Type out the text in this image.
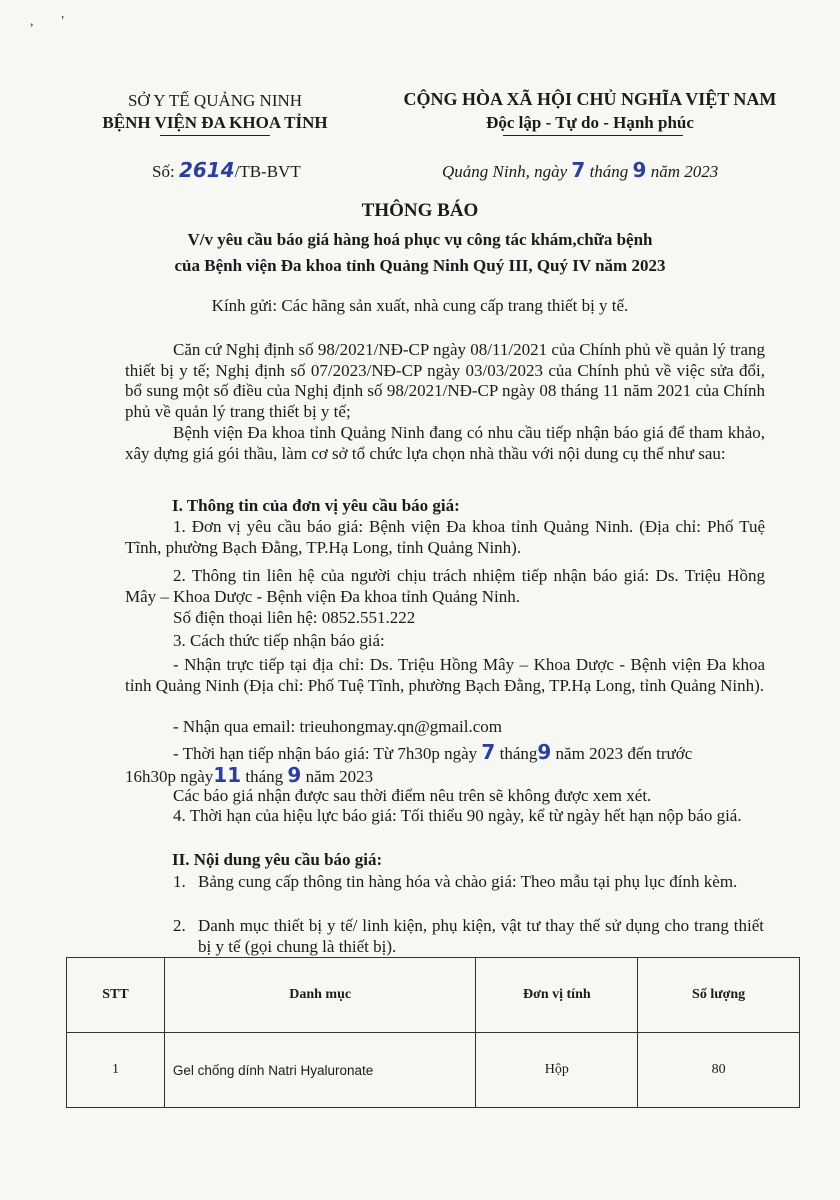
,        '
SỞ Y TẾ QUẢNG NINH
BỆNH VIỆN ĐA KHOA TỈNH
CỘNG HÒA XÃ HỘI CHỦ NGHĨA VIỆT NAM
Độc lập - Tự do - Hạnh phúc
Số: 2614/TB-BVT	Quảng Ninh, ngày 7 tháng 9 năm 2023
THÔNG BÁO
V/v yêu cầu báo giá hàng hoá phục vụ công tác khám,chữa bệnh
của Bệnh viện Đa khoa tỉnh Quảng Ninh Quý III, Quý IV năm 2023
Kính gửi: Các hãng sản xuất, nhà cung cấp trang thiết bị y tế.
Căn cứ Nghị định số 98/2021/NĐ-CP ngày 08/11/2021 của Chính phủ về quản lý trang thiết bị y tế; Nghị định số 07/2023/NĐ-CP ngày 03/03/2023 của Chính phủ về việc sửa đổi, bổ sung một số điều của Nghị định số 98/2021/NĐ-CP ngày 08 tháng 11 năm 2021 của Chính phủ về quản lý trang thiết bị y tế;
Bệnh viện Đa khoa tỉnh Quảng Ninh đang có nhu cầu tiếp nhận báo giá để tham khảo, xây dựng giá gói thầu, làm cơ sở tổ chức lựa chọn nhà thầu với nội dung cụ thể như sau:
I. Thông tin của đơn vị yêu cầu báo giá:
1. Đơn vị yêu cầu báo giá: Bệnh viện Đa khoa tỉnh Quảng Ninh. (Địa chỉ: Phố Tuệ Tĩnh, phường Bạch Đằng, TP.Hạ Long, tỉnh Quảng Ninh).
2. Thông tin liên hệ của người chịu trách nhiệm tiếp nhận báo giá: Ds. Triệu Hồng Mây – Khoa Dược - Bệnh viện Đa khoa tỉnh Quảng Ninh.
Số điện thoại liên hệ: 0852.551.222
3. Cách thức tiếp nhận báo giá:
- Nhận trực tiếp tại địa chỉ: Ds. Triệu Hồng Mây – Khoa Dược - Bệnh viện Đa khoa tỉnh Quảng Ninh (Địa chỉ: Phố Tuệ Tĩnh, phường Bạch Đằng, TP.Hạ Long, tỉnh Quảng Ninh).
- Nhận qua email: trieuhongmay.qn@gmail.com
- Thời hạn tiếp nhận báo giá: Từ 7h30p ngày 7 tháng9 năm 2023 đến trước
16h30p ngày11 tháng 9 năm 2023
Các báo giá nhận được sau thời điểm nêu trên sẽ không được xem xét.
4. Thời hạn của hiệu lực báo giá: Tối thiểu 90 ngày, kể từ ngày hết hạn nộp báo giá.
II. Nội dung yêu cầu báo giá:
1. Bảng cung cấp thông tin hàng hóa và chào giá: Theo mẫu tại phụ lục đính kèm.
2. Danh mục thiết bị y tế/ linh kiện, phụ kiện, vật tư thay thế sử dụng cho trang thiết bị y tế (gọi chung là thiết bị).
STT	Danh mục	Đơn vị tính	Số lượng
1	Gel chống dính Natri Hyaluronate	Hộp	80
